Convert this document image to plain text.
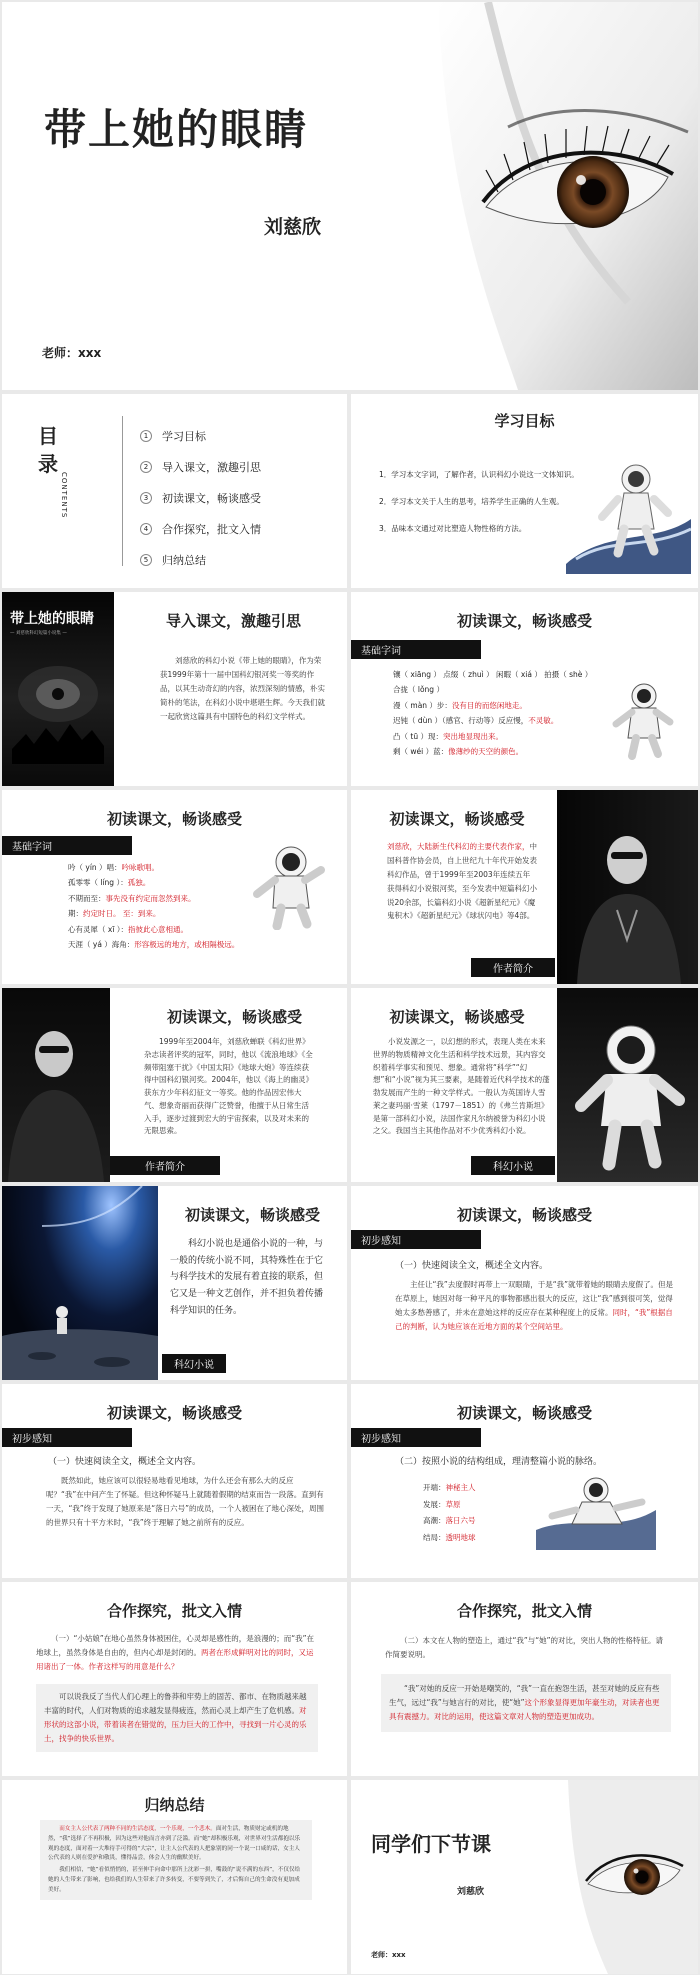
带上她的眼睛
刘慈欣
老师：xxx
目
录
CONTENTS
1	学习目标
2	导入课文，激趣引思
3	初读课文，畅谈感受
4	合作探究，批文入情
5	归纳总结
学习目标
1．学习本文字词，了解作者，认识科幻小说这一文体知识。
2．学习本文关于人生的思考，培养学生正确的人生观。
3．品味本文通过对比塑造人物性格的方法。
带上她的眼睛
— 刘慈欣科幻短篇小说集 —
导入课文，激趣引思
刘慈欣的科幻小说《带上她的眼睛》，作为荣获1999年第十一届中国科幻银河奖一等奖的作品，以其生动奇幻的内容，浓烈深刻的情感，朴实简朴的笔法，在科幻小说中堪堪生辉。今天我们就一起欣赏这篇具有中国特色的科幻文学样式。
初读课文，畅谈感受
基础字词
镶（ xiāng ） 点缀（ zhuì ） 闲暇（ xiá ） 拍摄（ shè ）
合拢（ lǒng ）
漫（ màn ）步：没有目的而悠闲地走。
迟钝（ dùn ）（感官、行动等）反应慢，不灵敏。
凸（ tū ）现：突出地显现出来。
剩（ wéi ）蓝：像薄纱的天空的颜色。
初读课文，畅谈感受
基础字词
吟（ yín ）唱：吟咏歌唱。
孤零零（ líng ）：孤独。
不期而至：事先没有约定而忽然到来。
期：约定时日。 至：到来。
心有灵犀（ xī ）：指彼此心意相通。
天涯（ yá ）海角：形容极远的地方，或相隔极远。
初读课文，畅谈感受
刘慈欣，大陆新生代科幻的主要代表作家，中国科普作协会员，自上世纪九十年代开始发表科幻作品，曾于1999年至2003年连续五年获得科幻小说银河奖，至今发表中短篇科幻小说20余部，长篇科幻小说《超新星纪元》《魔鬼积木》《超新星纪元》《球状闪电》等4部。
作者简介
初读课文，畅谈感受
1999年至2004年，刘慈欣蝉联《科幻世界》杂志读者评奖的冠军，同时，他以《流浪地球》《全频带阻塞干扰》《中国太阳》《地球大炮》等连续获得中国科幻银河奖。2004年，他以《海上的幽灵》获东方少年科幻征文一等奖。他的作品因宏伟大气、想象奇丽而获得广泛赞誉，他擅于从日常生活入手，逐步过渡到宏大的宇宙探索，以及对未来的无限思索。
作者简介
初读课文，畅谈感受
小说发源之一，以幻想的形式，表现人类在未来世界的物质精神文化生活和科学技术远景，其内容交织着科学事实和预见、想象。通常将“科学”“幻想”和“小说”视为其三要素，是随着近代科学技术的蓬勃发展而产生的一种文学样式。一般认为英国诗人雪莱之妻玛丽·雪莱（1797－1851）的《弗兰肯斯坦》是第一部科幻小说，法国作家凡尔纳被誉为科幻小说之父。我国当主其他作品对不少优秀科幻小说。
科幻小说
初读课文，畅谈感受
科幻小说也是通俗小说的一种，与一般的传统小说不同，其特殊性在于它与科学技术的发展有着直接的联系，但它又是一种文艺创作，并不担负着传播科学知识的任务。
科幻小说
初读课文，畅谈感受
初步感知
（一）快速阅读全文，概述全文内容。
主任让“我”去度假时再带上一双眼睛，于是“我”就带着她的眼睛去度假了。但是在草原上，她因对每一种平凡的事物都感出很大的反应，这让“我”感到很可笑，觉得她太多愁善感了，并未在意她这样的反应存在某种程度上的反常。同时，“我”根据自己的判断，认为她应该在近地方面的某个空间站里。
初读课文，畅谈感受
初步感知
（一）快速阅读全文，概述全文内容。
既然如此，她应该可以很轻易地看见地球，为什么还会有那么大的反应呢？“我”在中问产生了怀疑。但这种怀疑马上就随着假期的结束而告一段落。直到有一天，“我”终于发现了她原来是“落日六号”的成员，一个人被困在了地心深处，周围的世界只有十平方米时，“我”终于理解了她之前所有的反应。
初读课文，畅谈感受
初步感知
（二）按照小说的结构组成，理清整篇小说的脉络。
开端：神秘主人
发展：草原
高潮：落日六号
结局：透明地球
合作探究，批文入情
（一）“小姑娘”在地心虽然身体被困住，心灵却是感性的，是浪漫的；而“我”在地球上，虽然身体是自由的，但内心却是封闭的。两者在形成鲜明对比的同时，又运用诸出了一体。作者这样写的用意是什么？
可以说我反了当代人们心理上的鲁莽和牢势上的固苦、都市、在物质越来越丰富的时代，人们对物质的追求越发显得疲连，然而心灵上却产生了危机感。对形状的这部小说，带着读者在错觉的，压力巨大的工作中，寻找到一片心灵的乐土，找争的快乐世界。
合作探究，批文入情
（二）本文在人物的塑造上，通过“我”与“她”的对比，突出人物的性格特征。请作简要说明。
“我”对她的反应一开始是嘲笑的，“我”一直在抱怨生活，甚至对她的反应有些生气，远过“我”与她言行的对比，使“她”这个形象显得更加年豪生动，对读者也更具有震撼力。对比的运用，使这篇文章对人物的塑造更加成功。
归纳总结
而女主人公代表了两种不同的生活态度，一个乐观，一个悲木。面对生活，物质财定或机的地然，“我”选择了不再积极，因为这些对他而言亦到了泛滥。而“她”却积极乐观，对世界对生活都抱以乐观的态度，面对着一大堆待手可得的“大宗”，让主人公代表的人把象别的同一个说一口咸的话，女主人公代表的人则在爱护和敬畏，懂得品尝，体会人生的幽默美好。
我们相信，“她”看似悄悄的，甚至伸手向命中那所上沈彩一拼，嘴鼓的“说不满的东西”，不仅仅给她的人生带来了影响，也给我们的人生带来了许多转变，不要等到失了，才后悔自己的生命没有更加成美好。
同学们下节课
刘慈欣
老师：xxx
